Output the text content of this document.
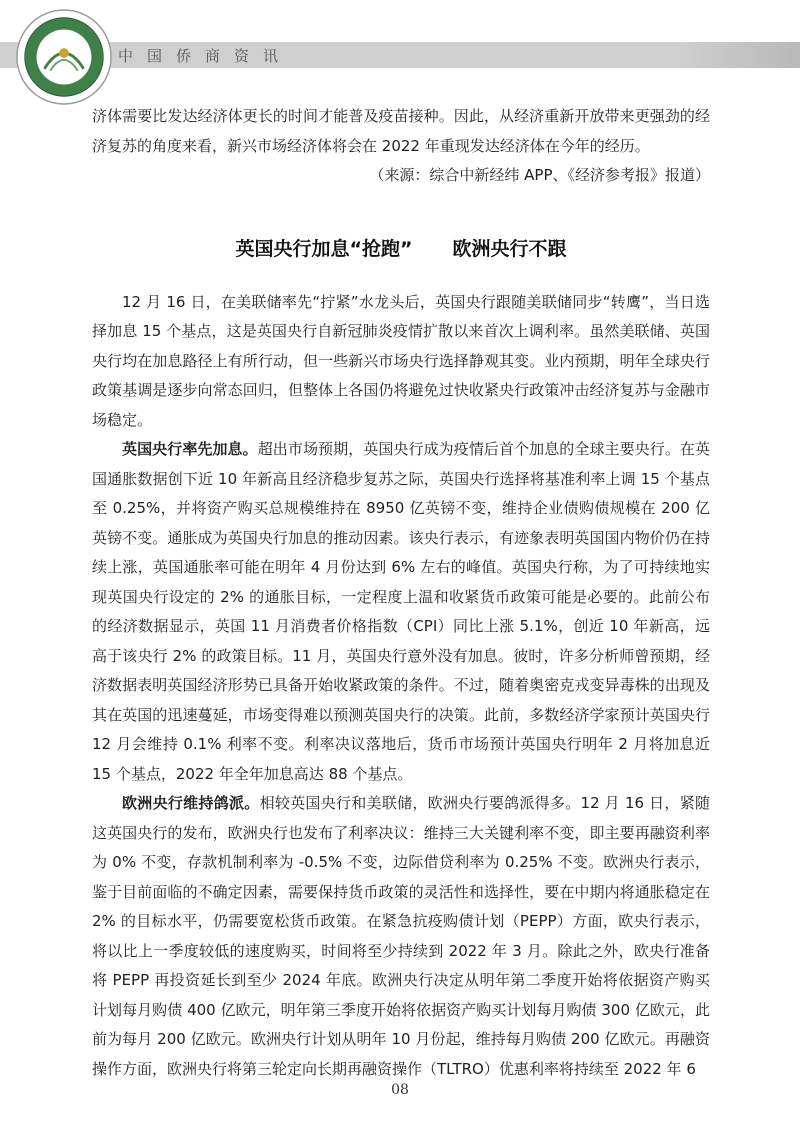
中国侨商资讯

济体需要比发达经济体更长的时间才能普及疫苗接种。因此，从经济重新开放带来更强劲的经济复苏的角度来看，新兴市场经济体将会在 2022 年重现发达经济体在今年的经历。

（来源：综合中新经纬 APP、《经济参考报》报道）

英国央行加息“抢跑” 欧洲央行不跟

12 月 16 日，在美联储率先“拧紧”水龙头后，英国央行跟随美联储同步“转鹰”，当日选择加息 15 个基点，这是英国央行自新冠肺炎疫情扩散以来首次上调利率。虽然美联储、英国央行均在加息路径上有所行动，但一些新兴市场央行选择静观其变。业内预期，明年全球央行政策基调是逐步向常态回归，但整体上各国仍将避免过快收紧央行政策冲击经济复苏与金融市场稳定。

英国央行率先加息。超出市场预期，英国央行成为疫情后首个加息的全球主要央行。在英国通胀数据创下近 10 年新高且经济稳步复苏之际，英国央行选择将基准利率上调 15 个基点至 0.25%，并将资产购买总规模维持在 8950 亿英镑不变，维持企业债购债规模在 200 亿英镑不变。通胀成为英国央行加息的推动因素。该央行表示，有迹象表明英国国内物价仍在持续上涨，英国通胀率可能在明年 4 月份达到 6% 左右的峰值。英国央行称，为了可持续地实现英国央行设定的 2% 的通胀目标，一定程度上温和收紧货币政策可能是必要的。此前公布的经济数据显示，英国 11 月消费者价格指数（CPI）同比上涨 5.1%，创近 10 年新高，远高于该央行 2% 的政策目标。11 月，英国央行意外没有加息。彼时，许多分析师曾预期，经济数据表明英国经济形势已具备开始收紧政策的条件。不过，随着奥密克戎变异毒株的出现及其在英国的迅速蔓延，市场变得难以预测英国央行的决策。此前，多数经济学家预计英国央行 12 月会维持 0.1% 利率不变。利率决议落地后，货币市场预计英国央行明年 2 月将加息近 15 个基点，2022 年全年加息高达 88 个基点。

欧洲央行维持鸽派。相较英国央行和美联储，欧洲央行要鸽派得多。12 月 16 日，紧随这英国央行的发布，欧洲央行也发布了利率决议：维持三大关键利率不变，即主要再融资利率为 0% 不变，存款机制利率为 -0.5% 不变，边际借贷利率为 0.25% 不变。欧洲央行表示，鉴于目前面临的不确定因素，需要保持货币政策的灵活性和选择性，要在中期内将通胀稳定在 2% 的目标水平，仍需要宽松货币政策。在紧急抗疫购债计划（PEPP）方面，欧央行表示，将以比上一季度较低的速度购买，时间将至少持续到 2022 年 3 月。除此之外，欧央行准备将 PEPP 再投资延长到至少 2024 年底。欧洲央行决定从明年第二季度开始将依据资产购买计划每月购债 400 亿欧元，明年第三季度开始将依据资产购买计划每月购债 300 亿欧元，此前为每月 200 亿欧元。欧洲央行计划从明年 10 月份起，维持每月购债 200 亿欧元。再融资操作方面，欧洲央行将第三轮定向长期再融资操作（TLTRO）优惠利率将持续至 2022 年 6

08
